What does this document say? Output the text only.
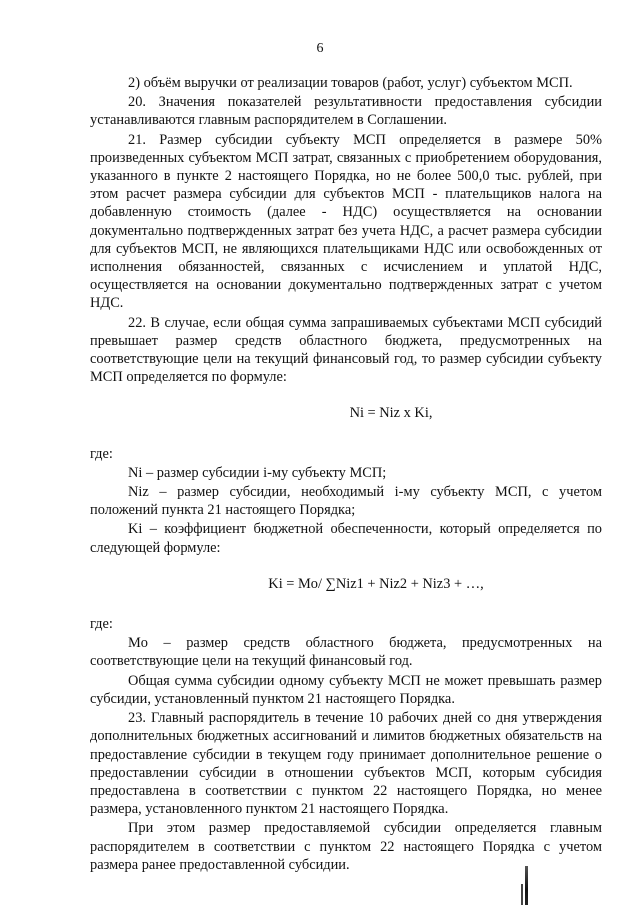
6

2) объём выручки от реализации товаров (работ, услуг) субъектом МСП.

20. Значения показателей результативности предоставления субсидии устанавливаются главным распорядителем в Соглашении.

21. Размер субсидии субъекту МСП определяется в размере 50% произведенных субъектом МСП затрат, связанных с приобретением оборудования, указанного в пункте 2 настоящего Порядка, но не более 500,0 тыс. рублей, при этом расчет размера субсидии для субъектов МСП - плательщиков налога на добавленную стоимость (далее - НДС) осуществляется на основании документально подтвержденных затрат без учета НДС, а расчет размера субсидии для субъектов МСП, не являющихся плательщиками НДС или освобожденных от исполнения обязанностей, связанных с исчислением и уплатой НДС, осуществляется на основании документально подтвержденных затрат с учетом НДС.

22. В случае, если общая сумма запрашиваемых субъектами МСП субсидий превышает размер средств областного бюджета, предусмотренных на соответствующие цели на текущий финансовый год, то размер субсидии субъекту МСП определяется по формуле:

Ni = Niz x Ki,

где:

Ni – размер субсидии i-му субъекту МСП;

Niz – размер субсидии, необходимый i-му субъекту МСП, с учетом положений пункта 21 настоящего Порядка;

Ki – коэффициент бюджетной обеспеченности, который определяется по следующей формуле:

Ki = Mo/ ∑Niz1 + Niz2 + Niz3 + …,

где:

Mo – размер средств областного бюджета, предусмотренных на соответствующие цели на текущий финансовый год.

Общая сумма субсидии одному субъекту МСП не может превышать размер субсидии, установленный пунктом 21 настоящего Порядка.

23. Главный распорядитель в течение 10 рабочих дней со дня утверждения дополнительных бюджетных ассигнований и лимитов бюджетных обязательств на предоставление субсидии в текущем году принимает дополнительное решение о предоставлении субсидии в отношении субъектов МСП, которым субсидия предоставлена в соответствии с пунктом 22 настоящего Порядка, но менее размера, установленного пунктом 21 настоящего Порядка.

При этом размер предоставляемой субсидии определяется главным распорядителем в соответствии с пунктом 22 настоящего Порядка с учетом размера ранее предоставленной субсидии.
